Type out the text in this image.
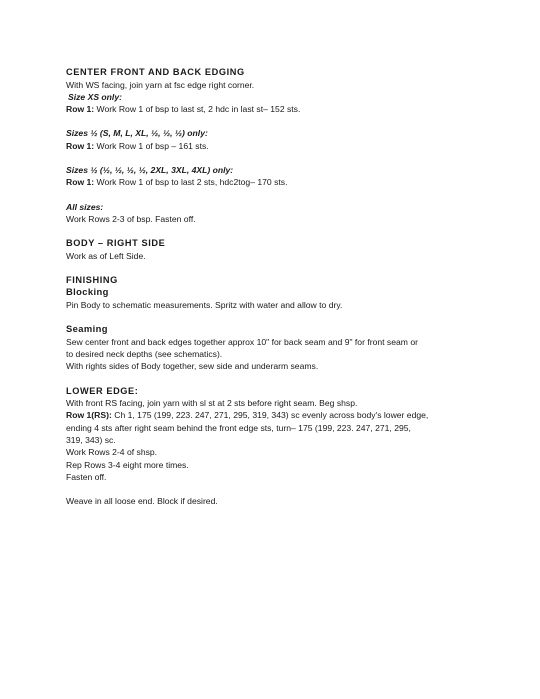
CENTER FRONT AND BACK EDGING

With WS facing, join yarn at fsc edge right corner.

Size XS only:

Row 1: Work Row 1 of bsp to last st, 2 hdc in last st– 152 sts.

Sizes ½ (S, M, L, XL, ½, ½, ½) only:

Row 1: Work Row 1 of bsp – 161 sts.

Sizes ½ (½, ½, ½, ½, 2XL, 3XL, 4XL) only:

Row 1: Work Row 1 of bsp to last 2 sts, hdc2tog– 170 sts.

All sizes:

Work Rows 2-3 of bsp. Fasten off.

BODY – RIGHT SIDE

Work as of Left Side.

FINISHING

Blocking

Pin Body to schematic measurements. Spritz with water and allow to dry.

Seaming

Sew center front and back edges together approx 10" for back seam and 9" for front seam or

to desired neck depths (see schematics).

With rights sides of Body together, sew side and underarm seams.

LOWER EDGE:

With front RS facing, join yarn with sl st at 2 sts before right seam. Beg shsp.

Row 1(RS): Ch 1, 175 (199, 223. 247, 271, 295, 319, 343) sc evenly across body's lower edge,

ending 4 sts after right seam behind the front edge sts, turn– 175 (199, 223. 247, 271, 295,

319, 343) sc.

Work Rows 2-4 of shsp.

Rep Rows 3-4 eight more times.

Fasten off.

Weave in all loose end. Block if desired.
